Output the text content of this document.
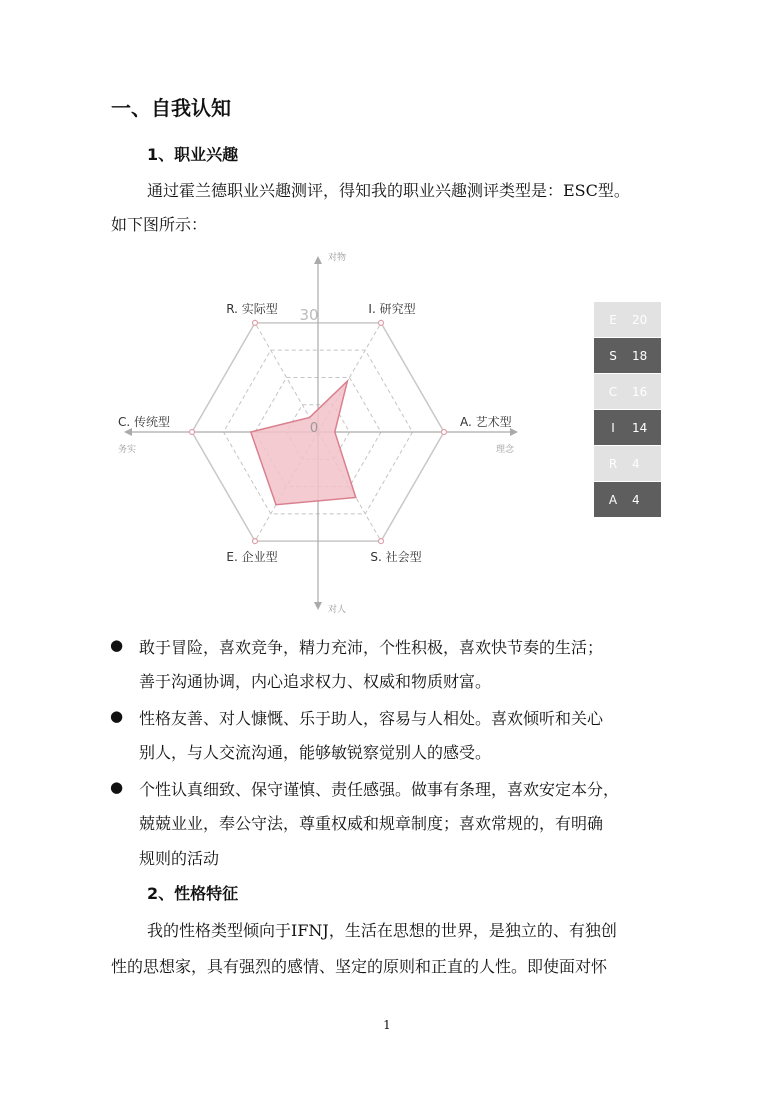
一、自我认知
1、职业兴趣
通过霍兰德职业兴趣测评，得知我的职业兴趣测评类型是：ESC型。
如下图所示：
R. 实际型	I. 研究型
A. 艺术型
S. 社会型
E. 企业型
C. 传统型
对物
对人
务实	理念
30
0
E	20
S	18
C	16
I	14
R	4
A	4
● 敢于冒险，喜欢竞争，精力充沛，个性积极，喜欢快节奏的生活；
善于沟通协调，内心追求权力、权威和物质财富。
● 性格友善、对人慷慨、乐于助人，容易与人相处。喜欢倾听和关心
别人，与人交流沟通，能够敏锐察觉别人的感受。
● 个性认真细致、保守谨慎、责任感强。做事有条理，喜欢安定本分，
兢兢业业，奉公守法，尊重权威和规章制度；喜欢常规的，有明确
规则的活动
2、性格特征
我的性格类型倾向于IFNJ，生活在思想的世界，是独立的、有独创
性的思想家，具有强烈的感情、坚定的原则和正直的人性。即使面对怀
1
